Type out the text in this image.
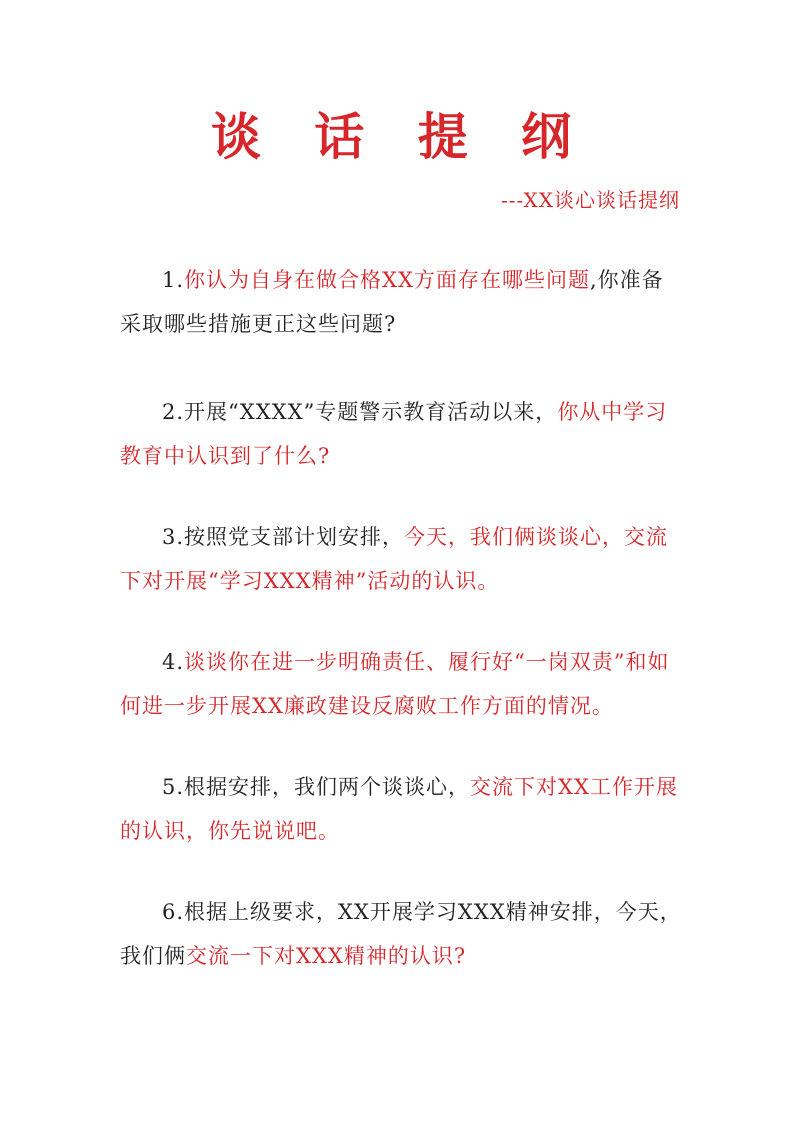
谈 话 提 纲
---XX谈心谈话提纲

1.你认为自身在做合格XX方面存在哪些问题,你准备采取哪些措施更正这些问题?

2.开展“XXXX”专题警示教育活动以来，你从中学习教育中认识到了什么?

3.按照党支部计划安排，今天，我们俩谈谈心，交流下对开展“学习XXX精神”活动的认识。

4.谈谈你在进一步明确责任、履行好“一岗双责”和如何进一步开展XX廉政建设反腐败工作方面的情况。

5.根据安排，我们两个谈谈心，交流下对XX工作开展的认识，你先说说吧。

6.根据上级要求，XX开展学习XXX精神安排，今天，我们俩交流一下对XXX精神的认识?
